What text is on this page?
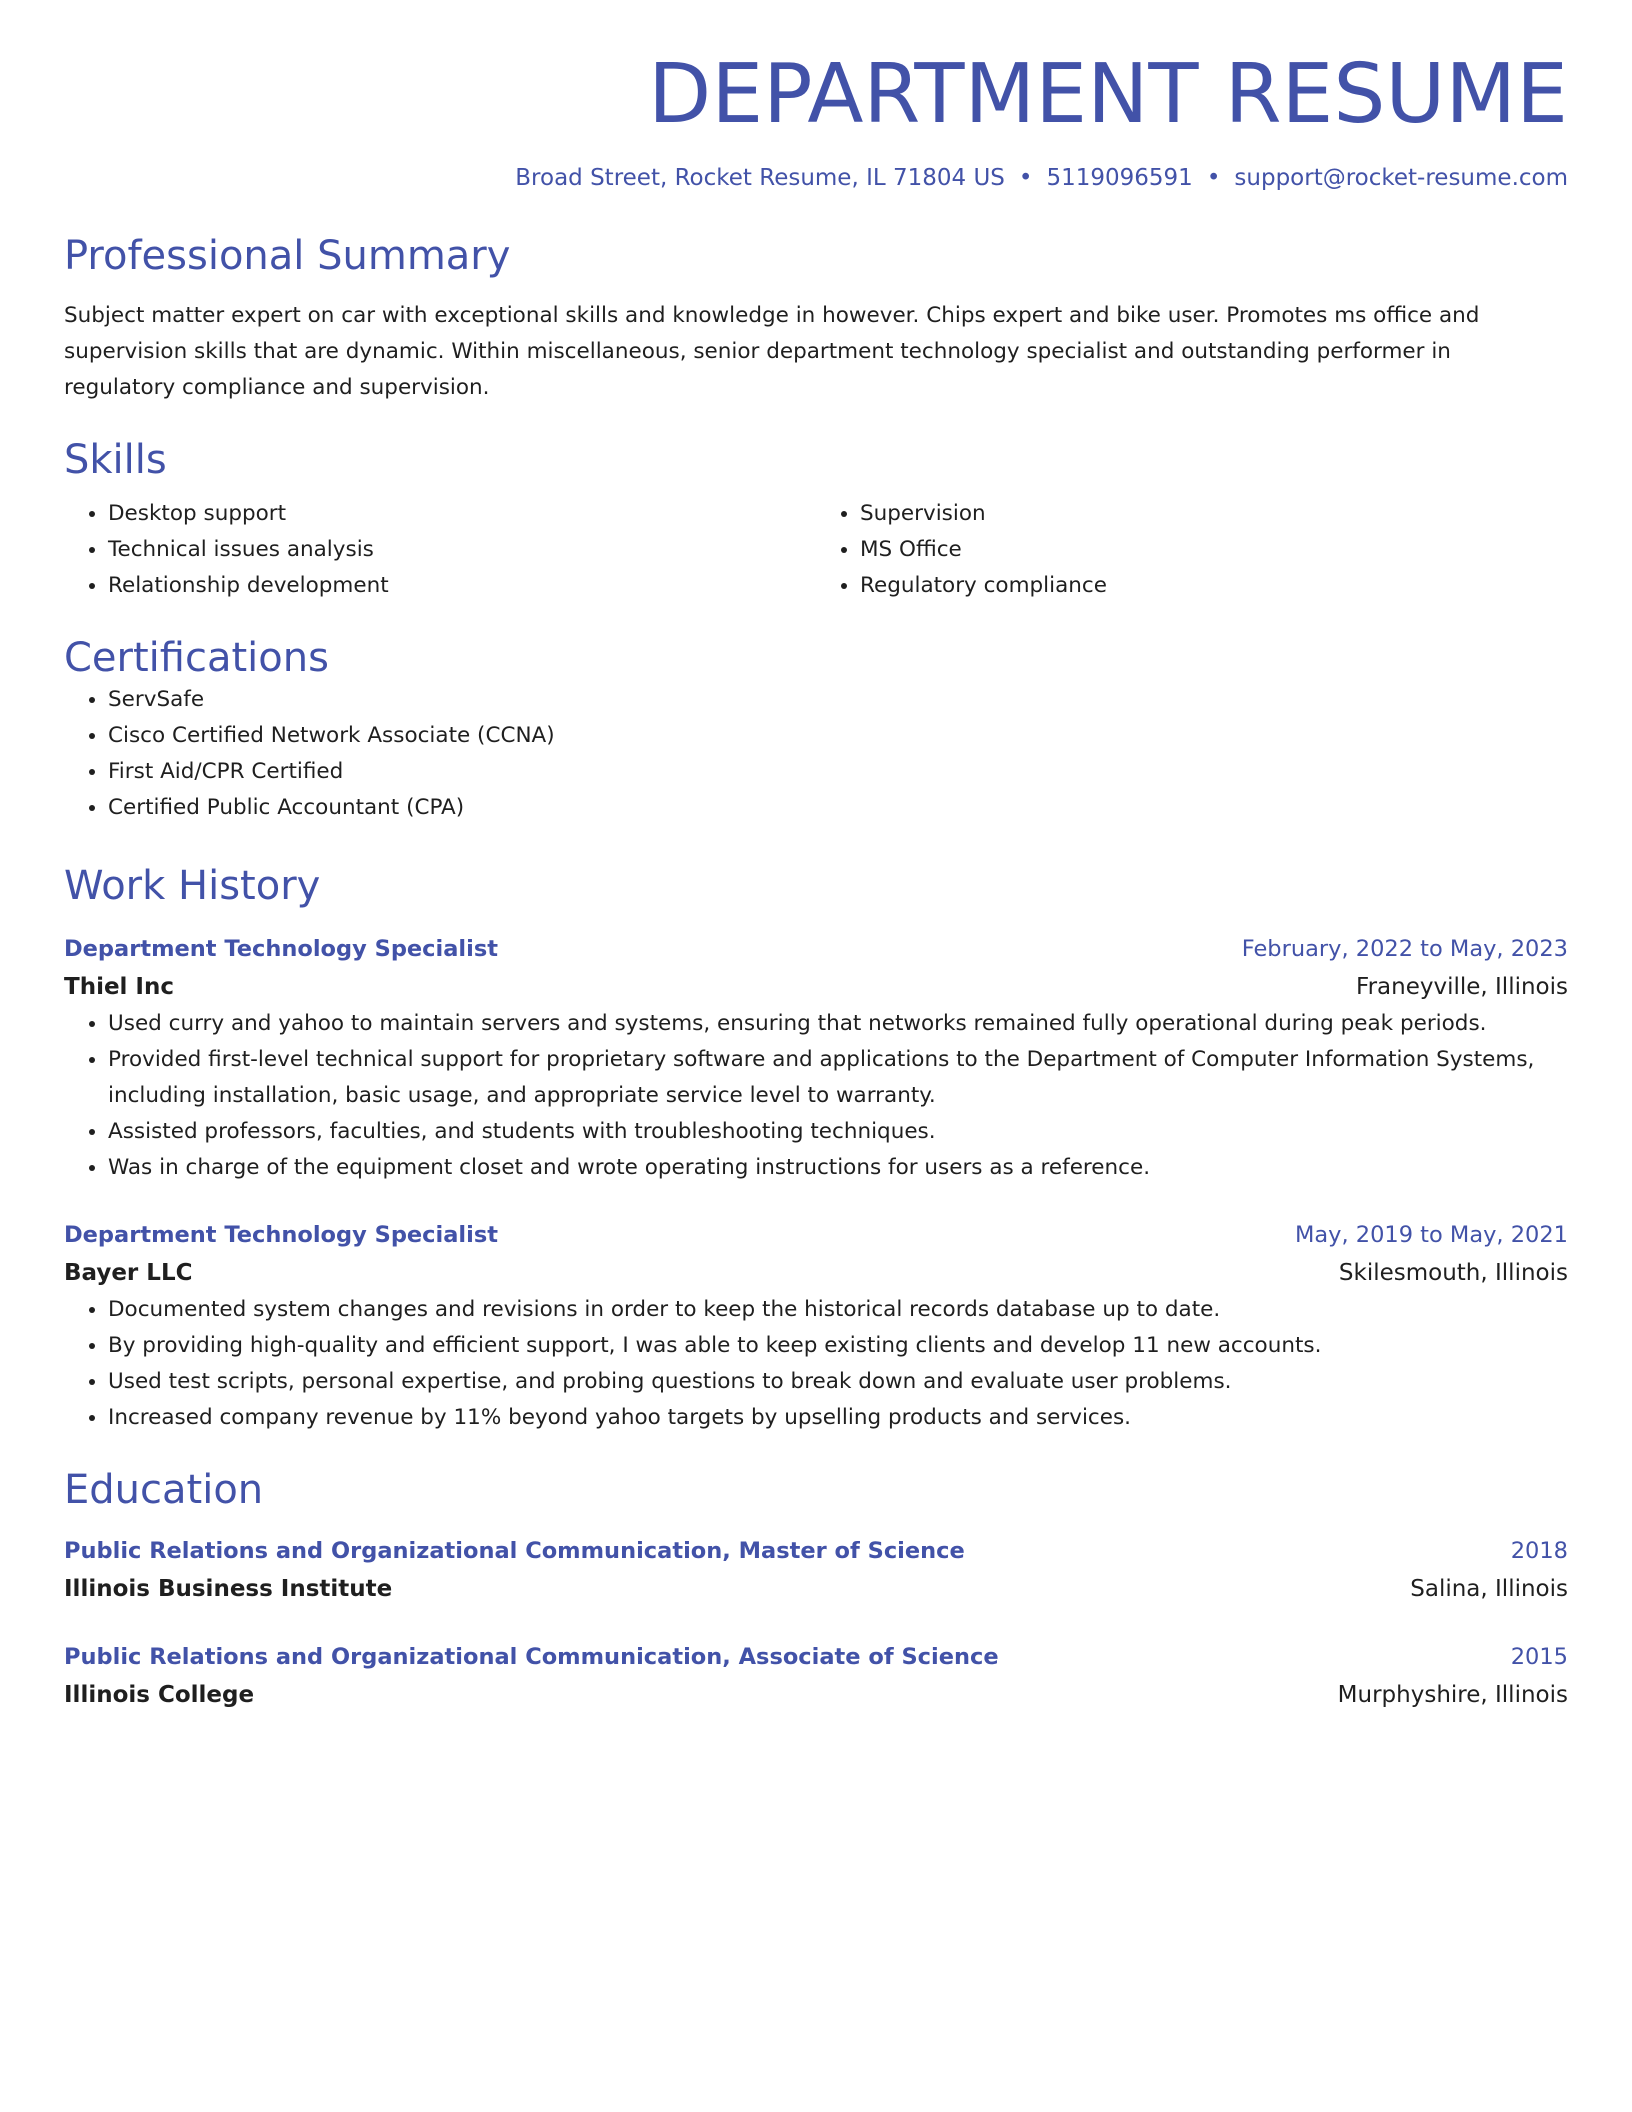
DEPARTMENT RESUME
Broad Street, Rocket Resume, IL 71804 US • 5119096591 • support@rocket-resume.com
Professional Summary
Subject matter expert on car with exceptional skills and knowledge in however. Chips expert and bike user. Promotes ms office and supervision skills that are dynamic. Within miscellaneous, senior department technology specialist and outstanding performer in regulatory compliance and supervision.
Skills
• Desktop support
• Technical issues analysis
• Relationship development
• Supervision
• MS Office
• Regulatory compliance
Certifications
• ServSafe
• Cisco Certified Network Associate (CCNA)
• First Aid/CPR Certified
• Certified Public Accountant (CPA)
Work History
Department Technology Specialist	February, 2022 to May, 2023
Thiel Inc	Franeyville, Illinois
• Used curry and yahoo to maintain servers and systems, ensuring that networks remained fully operational during peak periods.
• Provided first-level technical support for proprietary software and applications to the Department of Computer Information Systems, including installation, basic usage, and appropriate service level to warranty.
• Assisted professors, faculties, and students with troubleshooting techniques.
• Was in charge of the equipment closet and wrote operating instructions for users as a reference.
Department Technology Specialist	May, 2019 to May, 2021
Bayer LLC	Skilesmouth, Illinois
• Documented system changes and revisions in order to keep the historical records database up to date.
• By providing high-quality and efficient support, I was able to keep existing clients and develop 11 new accounts.
• Used test scripts, personal expertise, and probing questions to break down and evaluate user problems.
• Increased company revenue by 11% beyond yahoo targets by upselling products and services.
Education
Public Relations and Organizational Communication, Master of Science	2018
Illinois Business Institute	Salina, Illinois
Public Relations and Organizational Communication, Associate of Science	2015
Illinois College	Murphyshire, Illinois
